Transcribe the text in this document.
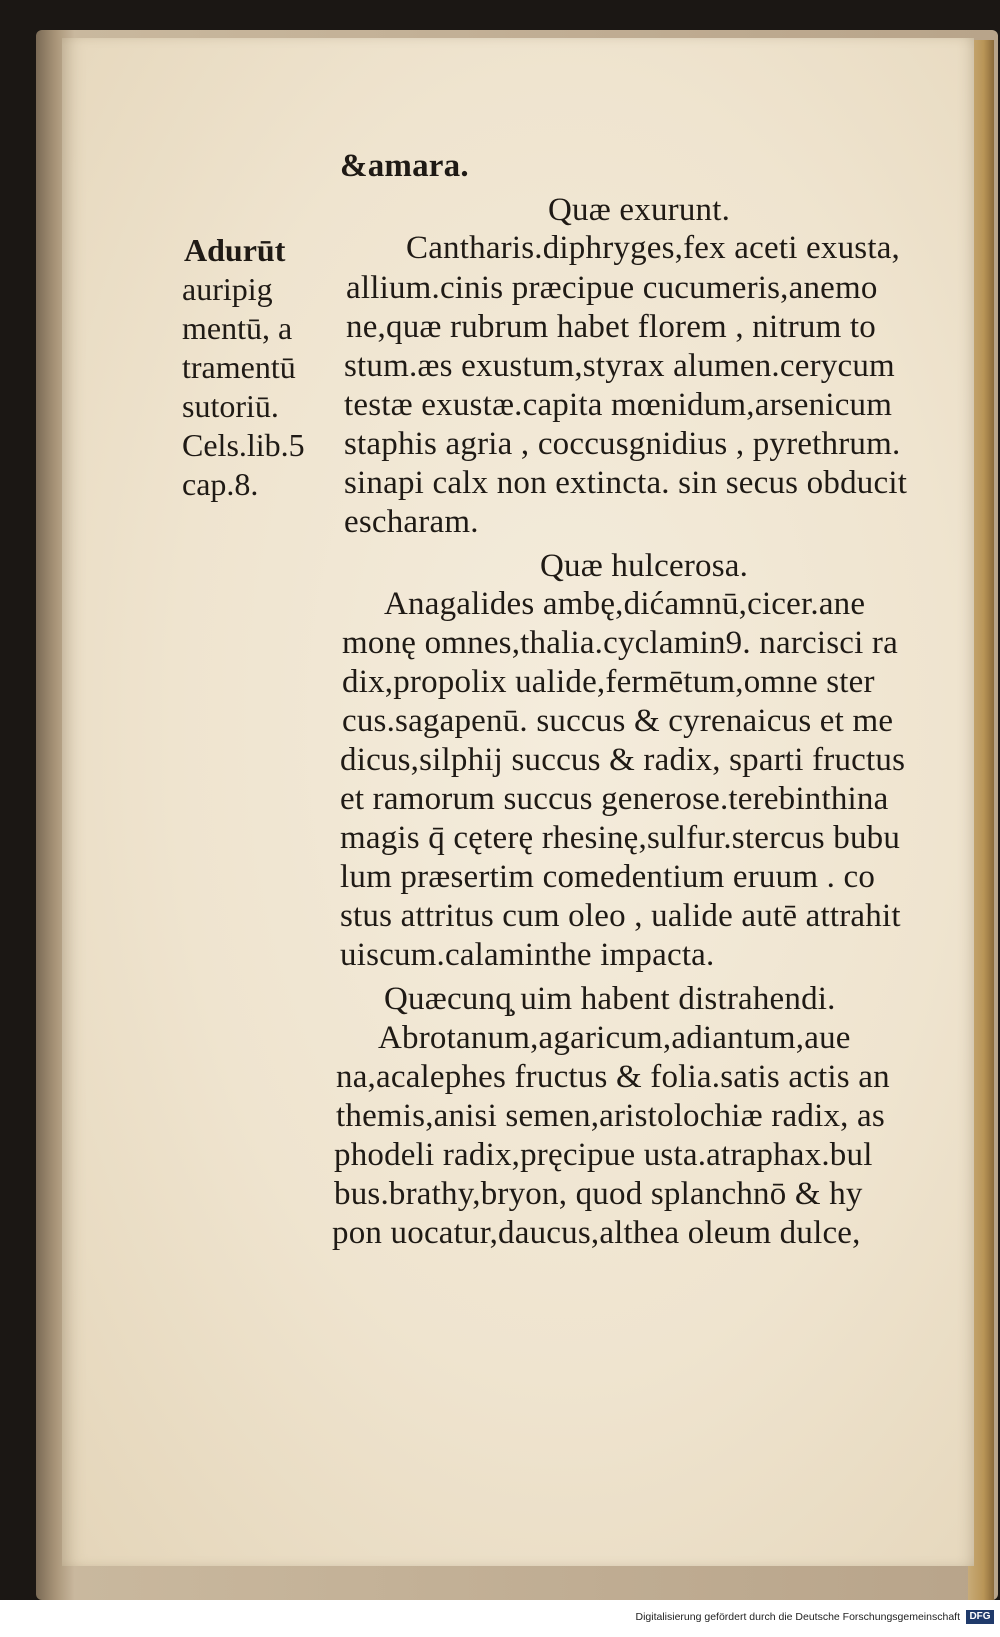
Adurūt
auripig
mentū, a
tramentū
sutoriū.
Cels.lib.5
cap.8.
&amara.
Quæ exurunt.
Cantharis.diphryges,fex aceti exusta,
allium.cinis præcipue cucumeris,anemo
ne,quæ rubrum habet florem , nitrum to
stum.æs exustum,styrax alumen.cerycum
testæ exustæ.capita mœnidum,arsenicum
staphis agria , coccusgnidius , pyrethrum.
sinapi calx non extincta. sin secus obducit
escharam.
Quæ hulcerosa.
Anagalides ambę,dićamnū,cicer.ane
monę omnes,thalia.cyclamin9. narcisci ra
dix,propolix ualide,fermētum,omne ster
cus.sagapenū. succus & cyrenaicus et me
dicus,silphij succus & radix, sparti fructus
et ramorum succus generose.terebinthina
magis q̄ cęterę rhesinę,sulfur.stercus bubu
lum præsertim comedentium eruum . co
stus attritus cum oleo , ualide autē attrahit
uiscum.calaminthe impacta.
Quæcunq̧ uim habent distrahendi.
Abrotanum,agaricum,adiantum,aue
na,acalephes fructus & folia.satis actis an
themis,anisi semen,aristolochiæ radix, as
phodeli radix,pręcipue usta.atraphax.bul
bus.brathy,bryon, quod splanchnō & hy
pon uocatur,daucus,althea oleum dulce,
Digitalisierung gefördert durch die Deutsche Forschungsgemeinschaft DFG
